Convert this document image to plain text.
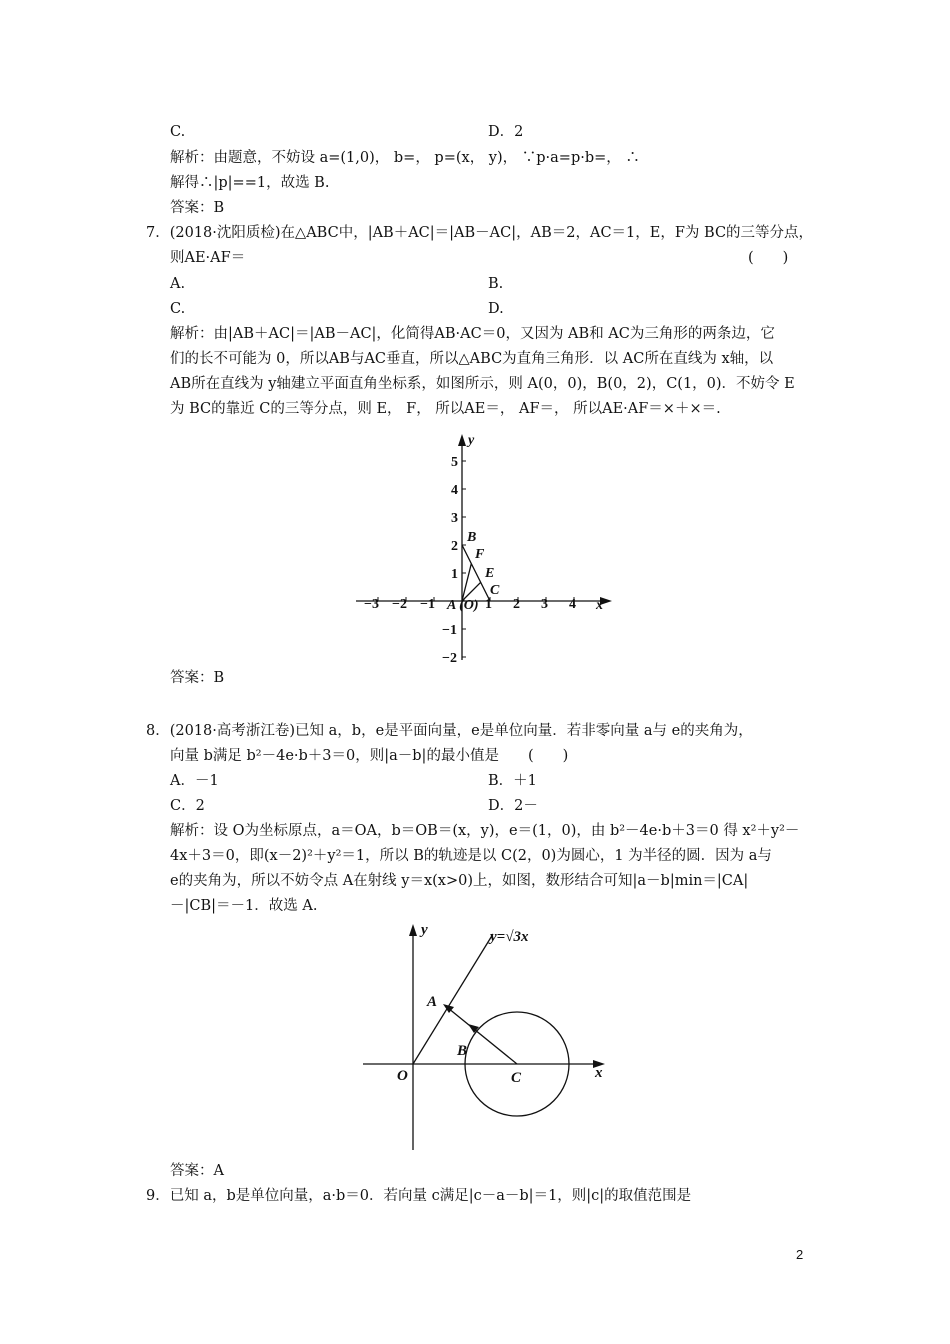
C.	D．2
解析：由题意，不妨设 a=(1,0)， b=， p=(x， y)， ∵p·a=p·b=， ∴
解得∴|p|==1，故选 B.
答案：B
7．(2018·沈阳质检)在△ABC中，|AB＋AC|＝|AB－AC|，AB＝2，AC＝1，E，F为 BC的三等分点，
则AE·AF＝	(　　)
A.	B.
C.	D.
解析：由|AB＋AC|＝|AB－AC|，化简得AB·AC＝0，又因为 AB和 AC为三角形的两条边，它
们的长不可能为 0，所以AB与AC垂直，所以△ABC为直角三角形．以 AC所在直线为 x轴，以
AB所在直线为 y轴建立平面直角坐标系，如图所示，则 A(0，0)，B(0，2)，C(1，0)．不妨令 E
为 BC的靠近 C的三等分点，则 E， F， 所以AE＝， AF＝， 所以AE·AF＝×＋×＝.
−3 −2 −1	1 2 3 4
5
4
3
2
1
−1
−2
x
y
A (O)
B
F
E
C
答案：B
8．(2018·高考浙江卷)已知 a，b，e是平面向量，e是单位向量．若非零向量 a与 e的夹角为，
向量 b满足 b²－4e·b＋3＝0，则|a－b|的最小值是　　(　　)
A．－1	B．＋1
C．2	D．2－
解析：设 O为坐标原点，a＝OA，b＝OB＝(x，y)，e＝(1，0)，由 b²－4e·b＋3＝0 得 x²＋y²－
4x＋3＝0，即(x－2)²＋y²＝1，所以 B的轨迹是以 C(2，0)为圆心，1 为半径的圆．因为 a与
e的夹角为，所以不妨令点 A在射线 y＝x(x>0)上，如图，数形结合可知|a－b|min＝|CA|
－|CB|＝－1．故选 A.
y=√3x
x
y
O
A
B
C
答案：A
9．已知 a，b是单位向量，a·b＝0．若向量 c满足|c－a－b|＝1，则|c|的取值范围是
2
